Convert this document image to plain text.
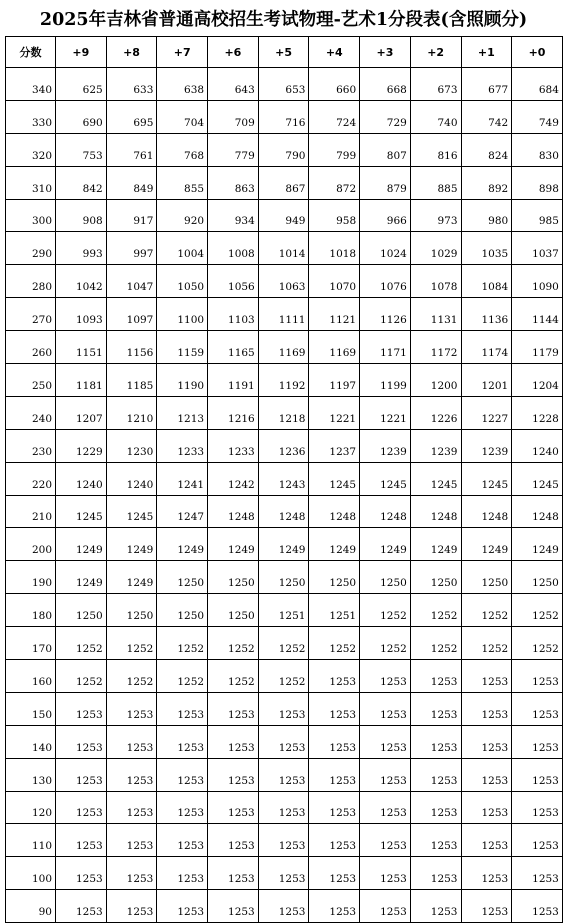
2025年吉林省普通高校招生考试物理-艺术1分段表(含照顾分)
分数	+9	+8	+7	+6	+5	+4	+3	+2	+1	+0
340	625	633	638	643	653	660	668	673	677	684
330	690	695	704	709	716	724	729	740	742	749
320	753	761	768	779	790	799	807	816	824	830
310	842	849	855	863	867	872	879	885	892	898
300	908	917	920	934	949	958	966	973	980	985
290	993	997	1004	1008	1014	1018	1024	1029	1035	1037
280	1042	1047	1050	1056	1063	1070	1076	1078	1084	1090
270	1093	1097	1100	1103	1111	1121	1126	1131	1136	1144
260	1151	1156	1159	1165	1169	1169	1171	1172	1174	1179
250	1181	1185	1190	1191	1192	1197	1199	1200	1201	1204
240	1207	1210	1213	1216	1218	1221	1221	1226	1227	1228
230	1229	1230	1233	1233	1236	1237	1239	1239	1239	1240
220	1240	1240	1241	1242	1243	1245	1245	1245	1245	1245
210	1245	1245	1247	1248	1248	1248	1248	1248	1248	1248
200	1249	1249	1249	1249	1249	1249	1249	1249	1249	1249
190	1249	1249	1250	1250	1250	1250	1250	1250	1250	1250
180	1250	1250	1250	1250	1251	1251	1252	1252	1252	1252
170	1252	1252	1252	1252	1252	1252	1252	1252	1252	1252
160	1252	1252	1252	1252	1252	1253	1253	1253	1253	1253
150	1253	1253	1253	1253	1253	1253	1253	1253	1253	1253
140	1253	1253	1253	1253	1253	1253	1253	1253	1253	1253
130	1253	1253	1253	1253	1253	1253	1253	1253	1253	1253
120	1253	1253	1253	1253	1253	1253	1253	1253	1253	1253
110	1253	1253	1253	1253	1253	1253	1253	1253	1253	1253
100	1253	1253	1253	1253	1253	1253	1253	1253	1253	1253
90	1253	1253	1253	1253	1253	1253	1253	1253	1253	1253
